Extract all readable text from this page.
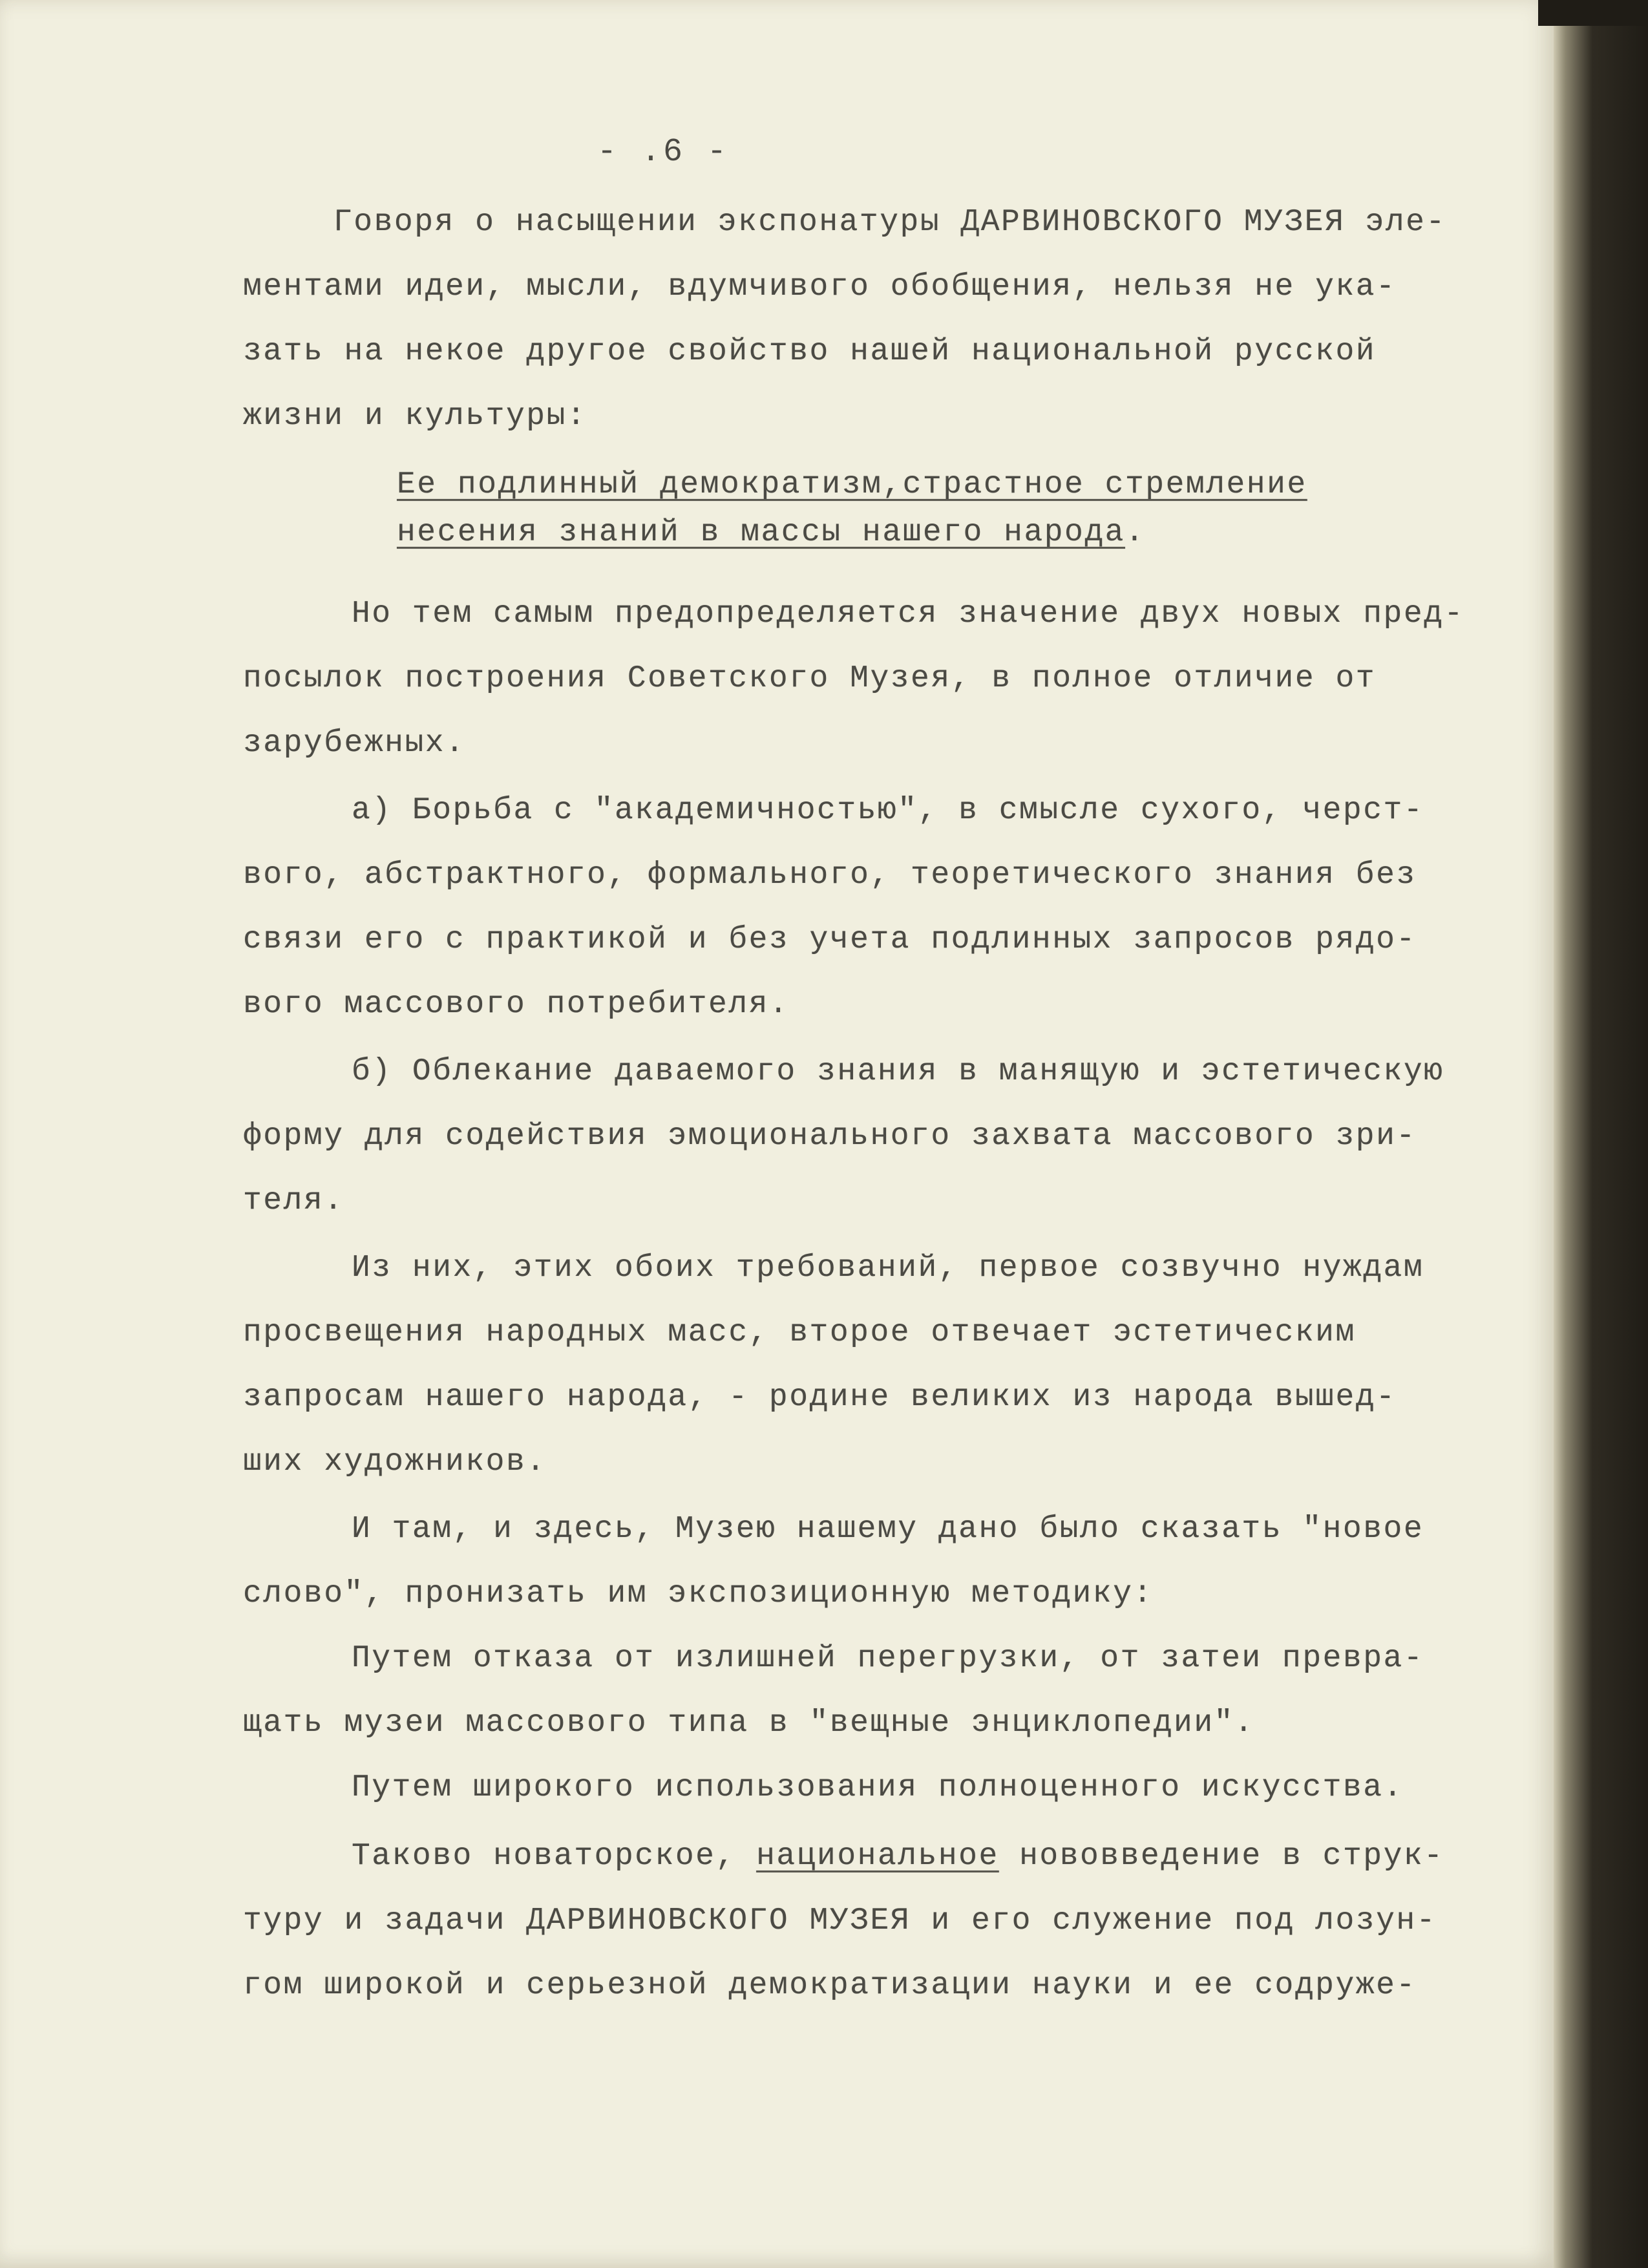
- .6 -
Говоря о насыщении экспонатуры ДАРВИНОВСКОГО МУЗЕЯ эле-
ментами идеи, мысли, вдумчивого обобщения, нельзя не ука-
зать на некое другое свойство нашей национальной русской
жизни и культуры:
Ее подлинный демократизм,страстное стремление
несения знаний в массы нашего народа.
Но тем самым предопределяется значение двух новых пред-
посылок построения Советского Музея, в полное отличие от
зарубежных.
а) Борьба с "академичностью", в смысле сухого, черст-
вого, абстрактного, формального, теоретического знания без
связи его с практикой и без учета подлинных запросов рядо-
вого массового потребителя.
б) Облекание даваемого знания в манящую и эстетическую
форму для содействия эмоционального захвата массового зри-
теля.
Из них, этих обоих требований, первое созвучно нуждам
просвещения народных масс, второе отвечает эстетическим
запросам нашего народа, - родине великих из народа вышед-
ших художников.
И там, и здесь, Музею нашему дано было сказать "новое
слово", пронизать им экспозиционную методику:
Путем отказа от излишней перегрузки, от затеи превра-
щать музеи массового типа в "вещные энциклопедии".
Путем широкого использования полноценного искусства.
Таково новаторское, национальное нововведение в струк-
туру и задачи ДАРВИНОВСКОГО МУЗЕЯ и его служение под лозун-
гом широкой и серьезной демократизации науки и ее содруже-
